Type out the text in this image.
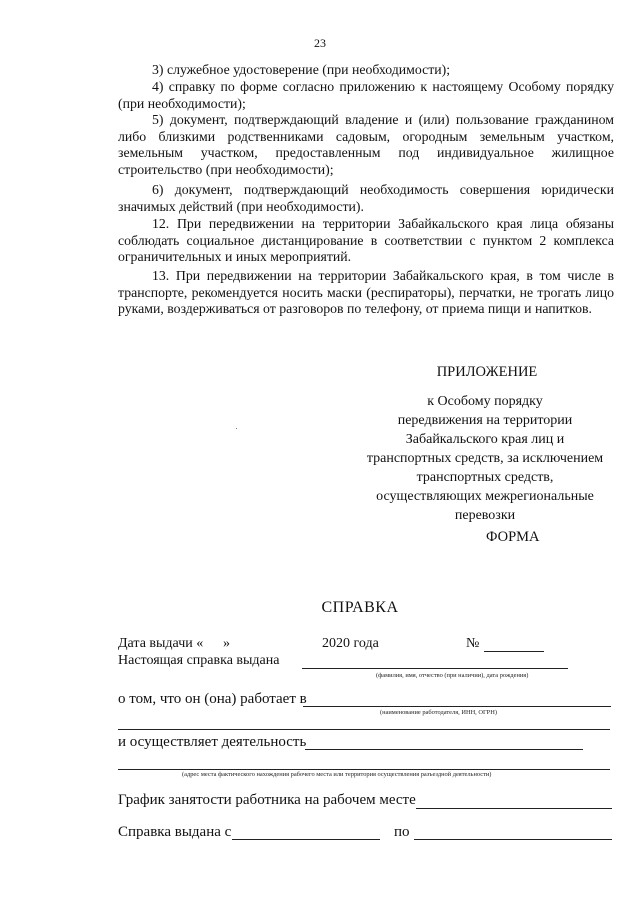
23

3) служебное удостоверение (при необходимости);

4) справку по форме согласно приложению к настоящему Особому порядку (при необходимости);

5) документ, подтверждающий владение и (или) пользование гражданином либо близкими родственниками садовым, огородным земельным участком, земельным участком, предоставленным под индивидуальное жилищное строительство (при необходимости);

6) документ, подтверждающий необходимость совершения юридически значимых действий (при необходимости).

12. При передвижении на территории Забайкальского края лица обязаны соблюдать социальное дистанцирование в соответствии с пунктом 2 комплекса ограничительных и иных мероприятий.

13. При передвижении на территории Забайкальского края, в том числе в транспорте, рекомендуется носить маски (респираторы), перчатки, не трогать лицо руками, воздерживаться от разговоров по телефону, от приема пищи и напитков.

ПРИЛОЖЕНИЕ
к Особому порядку
передвижения на территории
Забайкальского края лиц и
транспортных средств, за исключением
транспортных средств,
осуществляющих межрегиональные
перевозки
ФОРМА
СПРАВКА
Дата выдачи « »	2020 года	№
Настоящая справка выдана
(фамилия, имя, отчество (при наличии), дата рождения)
о том, что он (она) работает в
(наименование работодателя, ИНН, ОГРН)
и осуществляет деятельность
(адрес места фактического нахождения рабочего места или территория осуществления разъездной деятельности)
График занятости работника на рабочем месте
Справка выдана с	по
